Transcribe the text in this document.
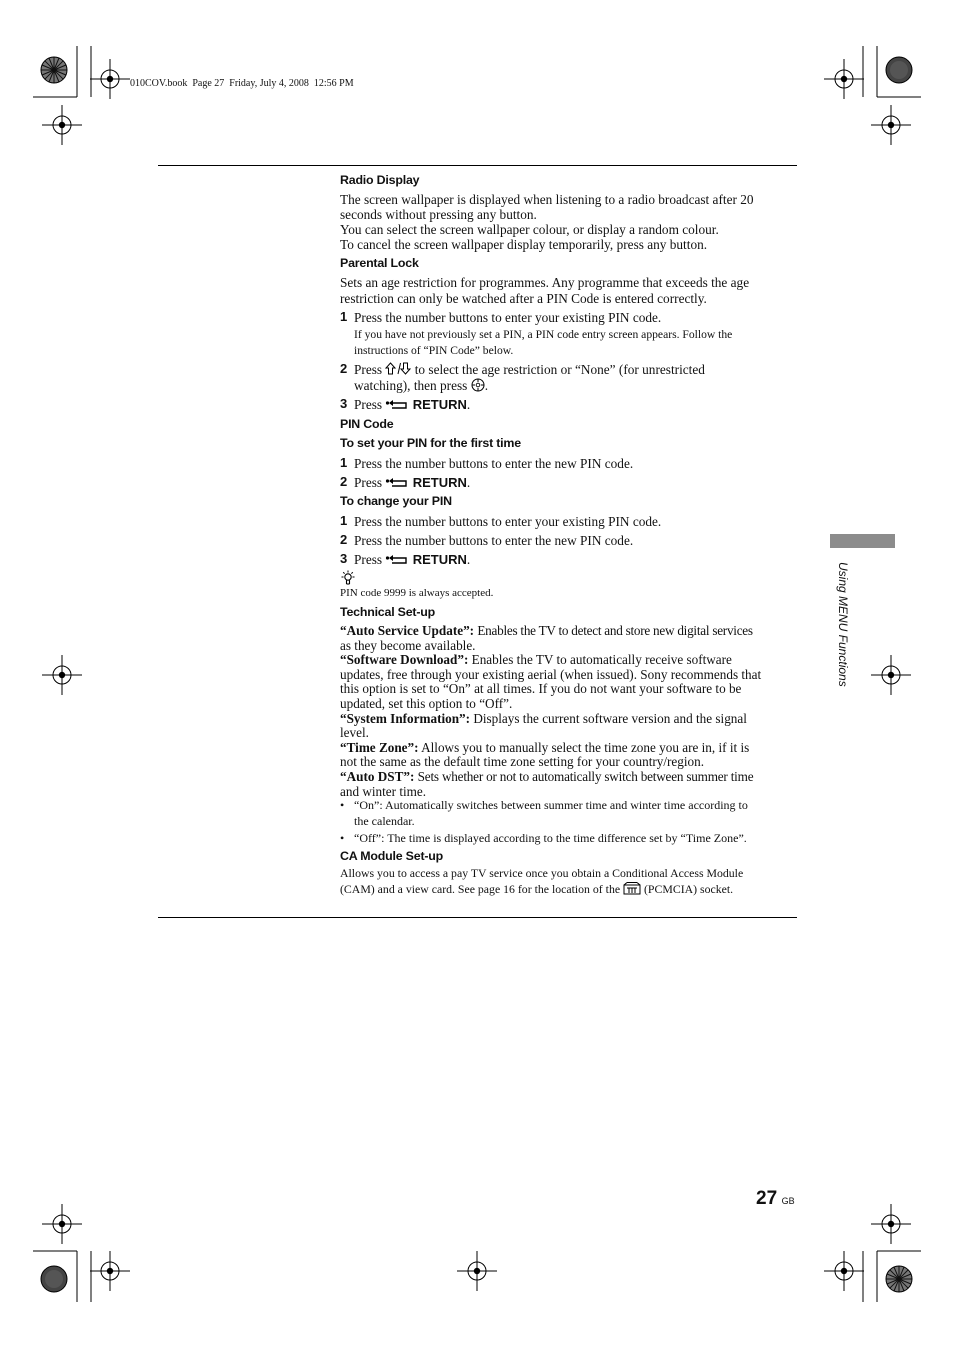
010COV.book  Page 27  Friday, July 4, 2008  12:56 PM
Using MENU Functions
Radio Display
The screen wallpaper is displayed when listening to a radio broadcast after 20
seconds without pressing any button.
You can select the screen wallpaper colour, or display a random colour.
To cancel the screen wallpaper display temporarily, press any button.
Parental Lock
Sets an age restriction for programmes. Any programme that exceeds the age
restriction can only be watched after a PIN Code is entered correctly.
1 Press the number buttons to enter your existing PIN code.
If you have not previously set a PIN, a PIN code entry screen appears. Follow the
instructions of “PIN Code” below.
2 Press to select the age restriction or “None” (for unrestricted
watching), then press .
3 Press RETURN.
PIN Code
To set your PIN for the first time
1 Press the number buttons to enter the new PIN code.
2 Press RETURN.
To change your PIN
1 Press the number buttons to enter your existing PIN code.
2 Press the number buttons to enter the new PIN code.
3 Press RETURN.
PIN code 9999 is always accepted.
Technical Set-up
“Auto Service Update”: Enables the TV to detect and store new digital services
as they become available.
“Software Download”: Enables the TV to automatically receive software
updates, free through your existing aerial (when issued). Sony recommends that
this option is set to “On” at all times. If you do not want your software to be
updated, set this option to “Off”.
“System Information”: Displays the current software version and the signal
level.
“Time Zone”: Allows you to manually select the time zone you are in, if it is
not the same as the default time zone setting for your country/region.
“Auto DST”: Sets whether or not to automatically switch between summer time
and winter time.
• “On”: Automatically switches between summer time and winter time according to
the calendar.
• “Off”: The time is displayed according to the time difference set by “Time Zone”.
CA Module Set-up
Allows you to access a pay TV service once you obtain a Conditional Access Module
(CAM) and a view card. See page 16 for the location of the (PCMCIA) socket.
27 GB
